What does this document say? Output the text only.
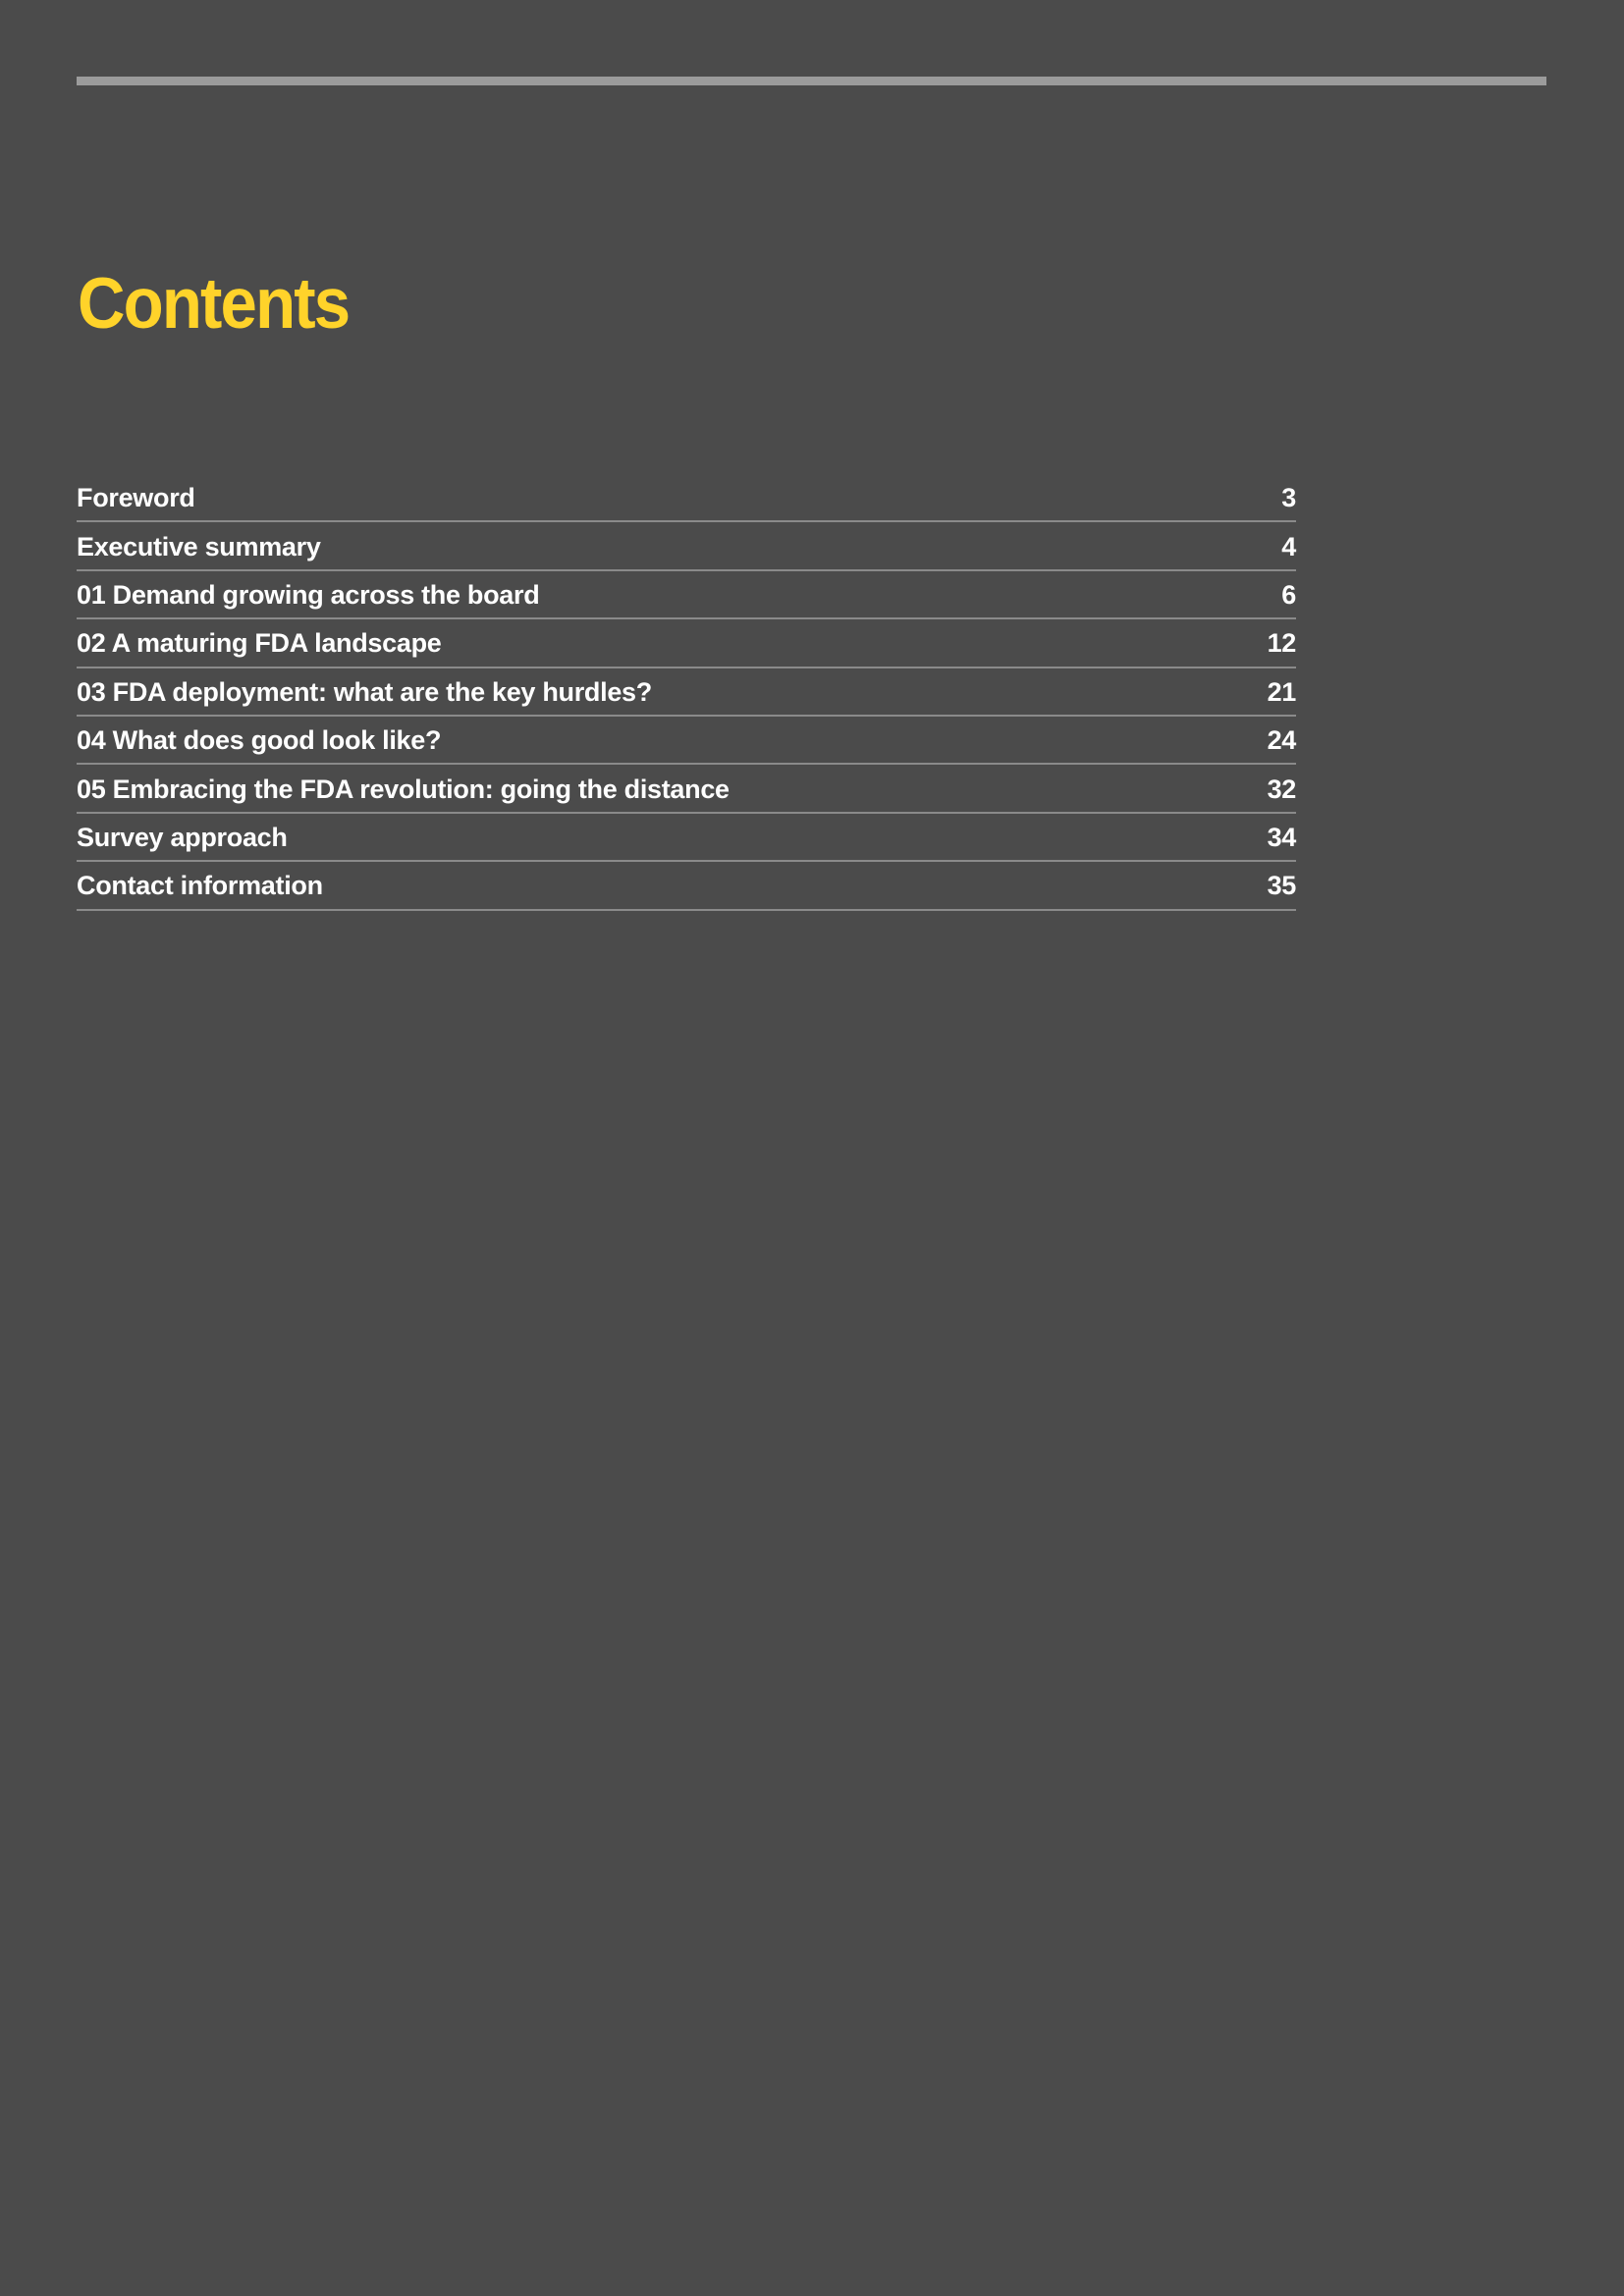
Contents
Foreword	3
Executive summary	4
01 Demand growing across the board	6
02 A maturing FDA landscape	12
03 FDA deployment: what are the key hurdles?	21
04 What does good look like?	24
05 Embracing the FDA revolution: going the distance	32
Survey approach	34
Contact information	35
